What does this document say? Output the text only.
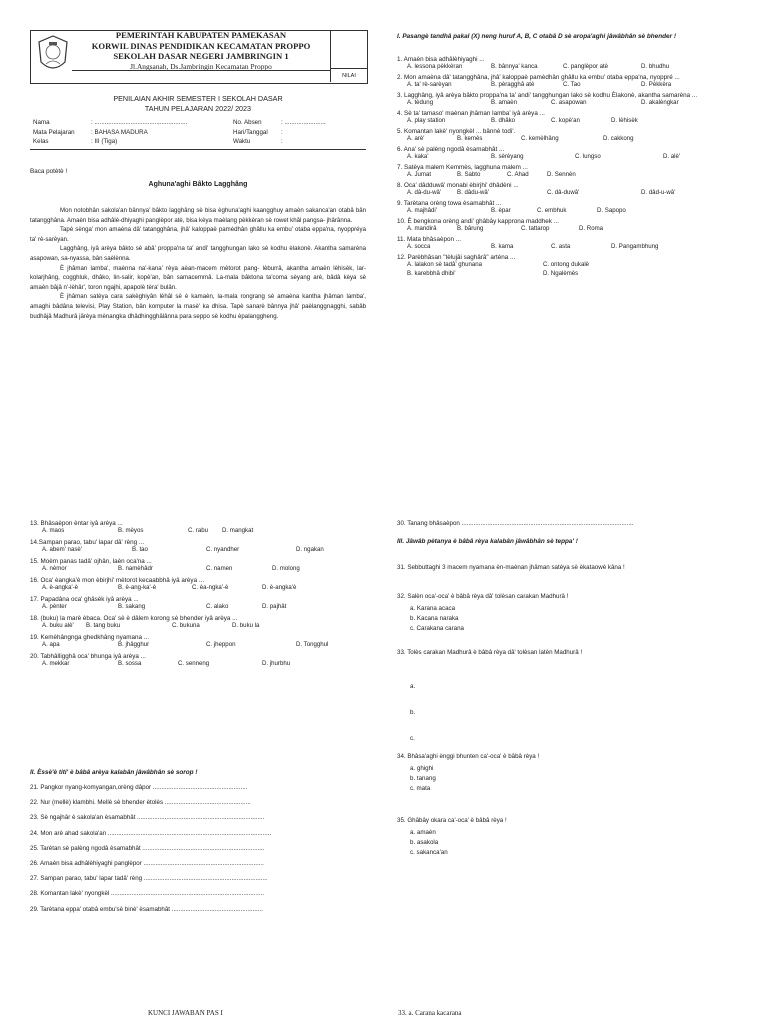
PEMERINTAH KABUPATEN PAMEKASAN
KORWIL DINAS PENDIDIKAN KECAMATAN PROPPO
SEKOLAH DASAR NEGERI JAMBRINGIN 1
Jl.Angsanah, Ds.Jambringin Kecamatan Proppo
NILAI
PENILAIAN AKHIR SEMESTER I SEKOLAH DASAR
TAHUN PELAJARAN 2022/ 2023
Nama	: ......................................................	No. Absen	: ........................
Mata Pelajaran	: BAHASA MADURA	Hari/Tanggal :
Kelas	: III (Tiga)	Waktu	:
Baca potètè !
Aghuna'aghi Bâkto Lagghâng
Mon notobhân sakola'an bânnya' bâkto lagghâng sè bisa èghuna'aghi kaangghuy amaèn sakanca'an otabâ bân tatangghâna. Amaèn bisa adhâlè-dhiyaghi panglèpor atè, bisa kèya maèlang pèkkèran sè rowet khâl pangsa- jhârânna.
Tapè sènga' mon amaèna dâ' tatangghâna, jhâ' kaloppaè pamèdhân ghâllu ka embu' otaba eppa'na, nyoppréya ta' rè-sarèyan.
Lagghâng, iyâ arèya bâkto sè abâ' proppa'na ta' andi' tangghungan lako sè kodhu èlakonè. Akantha samarèna asapowan, sa-nyassa, bân saèlènna.
È jhâman lamba', maènna na'-kana' rèya aèan-macem mètorot pang- lèburrâ, akantha amaèn lèhisèk, lar-kolarjhâng, cogghluk, dhâko, lin-salir, kopè'an, bân samacemmâ. La-mala bâktona ta'coma sèyang arè, bâdâ kèya sè amaèn bâjâ n'-lèhâr', toron ngajhi, apapolè tèra' bulân.
È jhâman satèya cara sakèghiyân lèhâl sè è kamaèn, la-mala rongrang sè amaèna kantha jhâman lamba', amaghi bâdâna televisi, Play Station, bân komputer la masè' ka dhisa. Tapè sanarè bânnya jhâ' paèlanggnagghi, sabâb budhâjâ Madhurâ jârèya mènangka dhâdhingghâlânna para seppo sè kodhu èpalanggheng.
I. Pasangè tandhâ pakal (X) neng huruf A, B, C otabâ D sè aropa'aghi jâwâbhân sè bhender !
1. Amaèn bisa adhâlèhiyaghi ...
A. lessona pèkkèran	B. bânnya' kanca	C. panglèpor atè	D. bhudhu
2. Mon amaèna dâ' tatangghâna, jhâ' kaloppaè pamèdhân ghâllu ka embu' otaba eppa'na, nyoppré ...
A. ta' rè-sarèyan	B. pèragghâ atè	C. Tao	D. Pèkkèra
3. Lagghâng, iyâ arèya bâkto proppa'na ta' andi' tangghungan lako sè kodhu Èlakonè, akantha samarèna ...
A. tèdung	B. amaèn	C. asapowan	D. akalèngkar
4. Sè ta' tamaso' maènan jhâman lamba' iyâ arèya ...
A. play station	B. dhâko	C. kopè'an	D. lèhisèk
5. Komantan lakè' nyongkèl ... bânnè todi'.
A. arè'	B. kemès	C. kemèlhâng	D. cakkong
6. Ana' sè palèng ngodâ èsamabhât ...
A. kaka'	B. sèrèyang	C. lungso	D. alè'
7. Satèya malem Kemmès, lagghuna malem ...
A. Jumat	B. Sabto	C. Ahad	D. Sennèn
8. Oca' dâdduwâ' monabi èbirjhi' dhâdèni ...
A. dâ-du-wâ'	B. dâdu-wâ'	C. dâ-duwâ'	D. dâd-u-wâ'
9. Tarètana orèng towa èsamabhât ...
A. majhâdi'	B. èpar	C. embhuk	D. Sapopo
10. È bengkona orèng andi' ghâbây kapprona maddhek ...
A. mandirâ	B. bârung	C. tattarop	D. Roma
11. Mata bhâsaèpon ...
A. socca	B. kama	C. asta	D. Pangambhung
12. Parèbhâsan "tèlujâi saghârâ" artèna ...
A. lalakon sè tadâ' ghunana	C. ontong dukalè
B. karebbhâ dhibi'	D. Ngalèmès
13. Bhâsaèpon èntar iyâ arèya ...
A. maos	B. mèyos	C. rabu D. mangkat
14.Sampan parao, tabu' lapar dâ' rèng ...
A. abem' nasè'	B. tao	C. nyandher	D. ngakan
15. Moèm panas tadâ' ojhân, laèn oca'na ...
A. nèmor	B. namèhâdr	C. namen	D. molong
16. Oca' èangka'è mon èbirjhi' mètorot kecaabbhâ iyâ arèya ...
A. è-angka'-è	B. è-ang-ka'-è	C. èa-ngka'-è	D. è-angka'è
17. Papadâna oca' ghâsèk iyâ arèya ...
A. pènter	B. sakang	C. alako	D. pajhât
18. (buku) la marè èbaca. Oca' sè è dâlem korong sè bhender iyâ arèya ...
A. buku alè' B. tang buku	C. bukuna	D. buku la
19. Kemèhângnga ghedkhâng nyamana ...
A. apa	B. jhâgghur	C. jheppon	D. Tongghul
20. Tabhâlligghâ oca' bhunga iyâ arèya ...
A. mekkar	B. sossa	C. senneng	D. jhurbhu
II. Èssè'è titi' è bâbâ arèya kalabân jâwâbhân sè sorop !
21. Pangkor nyang-komyangan,orèng dâpor .......................................................
22. Nur (mellè) klambhi. Mellè sè bhender ètolès ..................................................
23. Sè ngajhâr è sakola'an èsamabhât ..........................................................................
24. Mon arè ahad sakola'an ...............................................................................................
25. Tarètan sè palèng ngodâ èsamabhât .......................................................................
26. Amaèn bisa adhâlèhiyaghi panglèpor ......................................................................
27. Sampan parao, tabu' lapar tadâ' rèng ........................................................................
28. Komantan lakè' nyongkèl .........................................................................................
29. Tarètana eppa' otabâ embu'sè binè' èsamabhât .....................................................
30. Tanang bhâsaèpon ....................................................................................................
III. Jâwâb pètanya è bâbâ rèya kalabân jâwâbhân sè teppa' !
31. Sebbuttaghi 3 macem nyamana èn-maènan jhâman satèya sè èkataowè kâna !
32. Salèn oca'-oca' è bâbâ rèya dâ' tolèsan carakan Madhurâ !
a. Karana acaca
b. Kacana naraka
c. Carakana carana
33. Tolès carakan Madhurâ è bâbâ rèya dâ' tolèsan latèn Madhurâ !
a.
b.
c.
34. Bhâsa'aghi ènggi bhunten ca'-oca' è bâbâ rèya !
a. ghighi
b. tanang
c. mata
35. Ghâbây okara ca'-oca' è bâbâ rèya !
a. amaèn
b. asakola
c. sakanca'an
KUNCI JAWABAN PAS I	33. a. Carana kacarana
